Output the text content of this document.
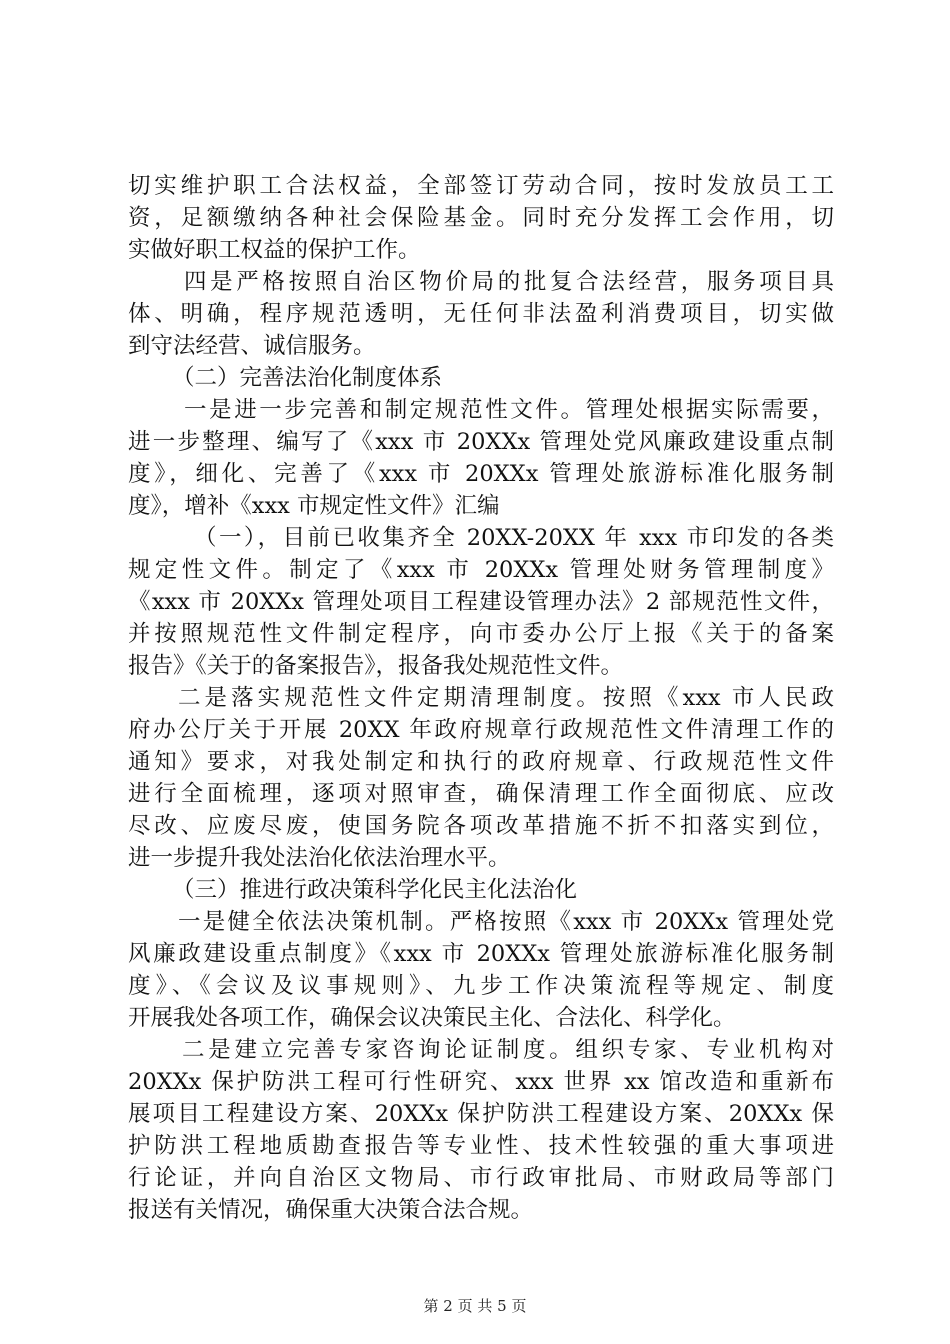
切实维护职工合法权益，全部签订劳动合同，按时发放员工工
资，足额缴纳各种社会保险基金。同时充分发挥工会作用，切
实做好职工权益的保护工作。
四是严格按照自治区物价局的批复合法经营，服务项目具
体、明确，程序规范透明，无任何非法盈利消费项目，切实做
到守法经营、诚信服务。
（二）完善法治化制度体系
一是进一步完善和制定规范性文件。管理处根据实际需要，
进一步整理、编写了《xxx 市 20XXx 管理处党风廉政建设重点制
度》，细化、完善了《xxx 市 20XXx 管理处旅游标准化服务制
度》，增补《xxx 市规定性文件》汇编
（一），目前已收集齐全 20XX-20XX 年 xxx 市印发的各类
规定性文件。制定了《xxx 市 20XXx 管理处财务管理制度》
《xxx 市 20XXx 管理处项目工程建设管理办法》2 部规范性文件，
并按照规范性文件制定程序，向市委办公厅上报《关于的备案
报告》《关于的备案报告》，报备我处规范性文件。
二是落实规范性文件定期清理制度。按照《xxx 市人民政
府办公厅关于开展 20XX 年政府规章行政规范性文件清理工作的
通知》要求，对我处制定和执行的政府规章、行政规范性文件
进行全面梳理，逐项对照审查，确保清理工作全面彻底、应改
尽改、应废尽废，使国务院各项改革措施不折不扣落实到位，
进一步提升我处法治化依法治理水平。
（三）推进行政决策科学化民主化法治化
一是健全依法决策机制。严格按照《xxx 市 20XXx 管理处党
风廉政建设重点制度》《xxx 市 20XXx 管理处旅游标准化服务制
度》、《会议及议事规则》、九步工作决策流程等规定、制度
开展我处各项工作，确保会议决策民主化、合法化、科学化。
二是建立完善专家咨询论证制度。组织专家、专业机构对
20XXx 保护防洪工程可行性研究、xxx 世界 xx 馆改造和重新布
展项目工程建设方案、20XXx 保护防洪工程建设方案、20XXx 保
护防洪工程地质勘查报告等专业性、技术性较强的重大事项进
行论证，并向自治区文物局、市行政审批局、市财政局等部门
报送有关情况，确保重大决策合法合规。
第 2 页 共 5 页
